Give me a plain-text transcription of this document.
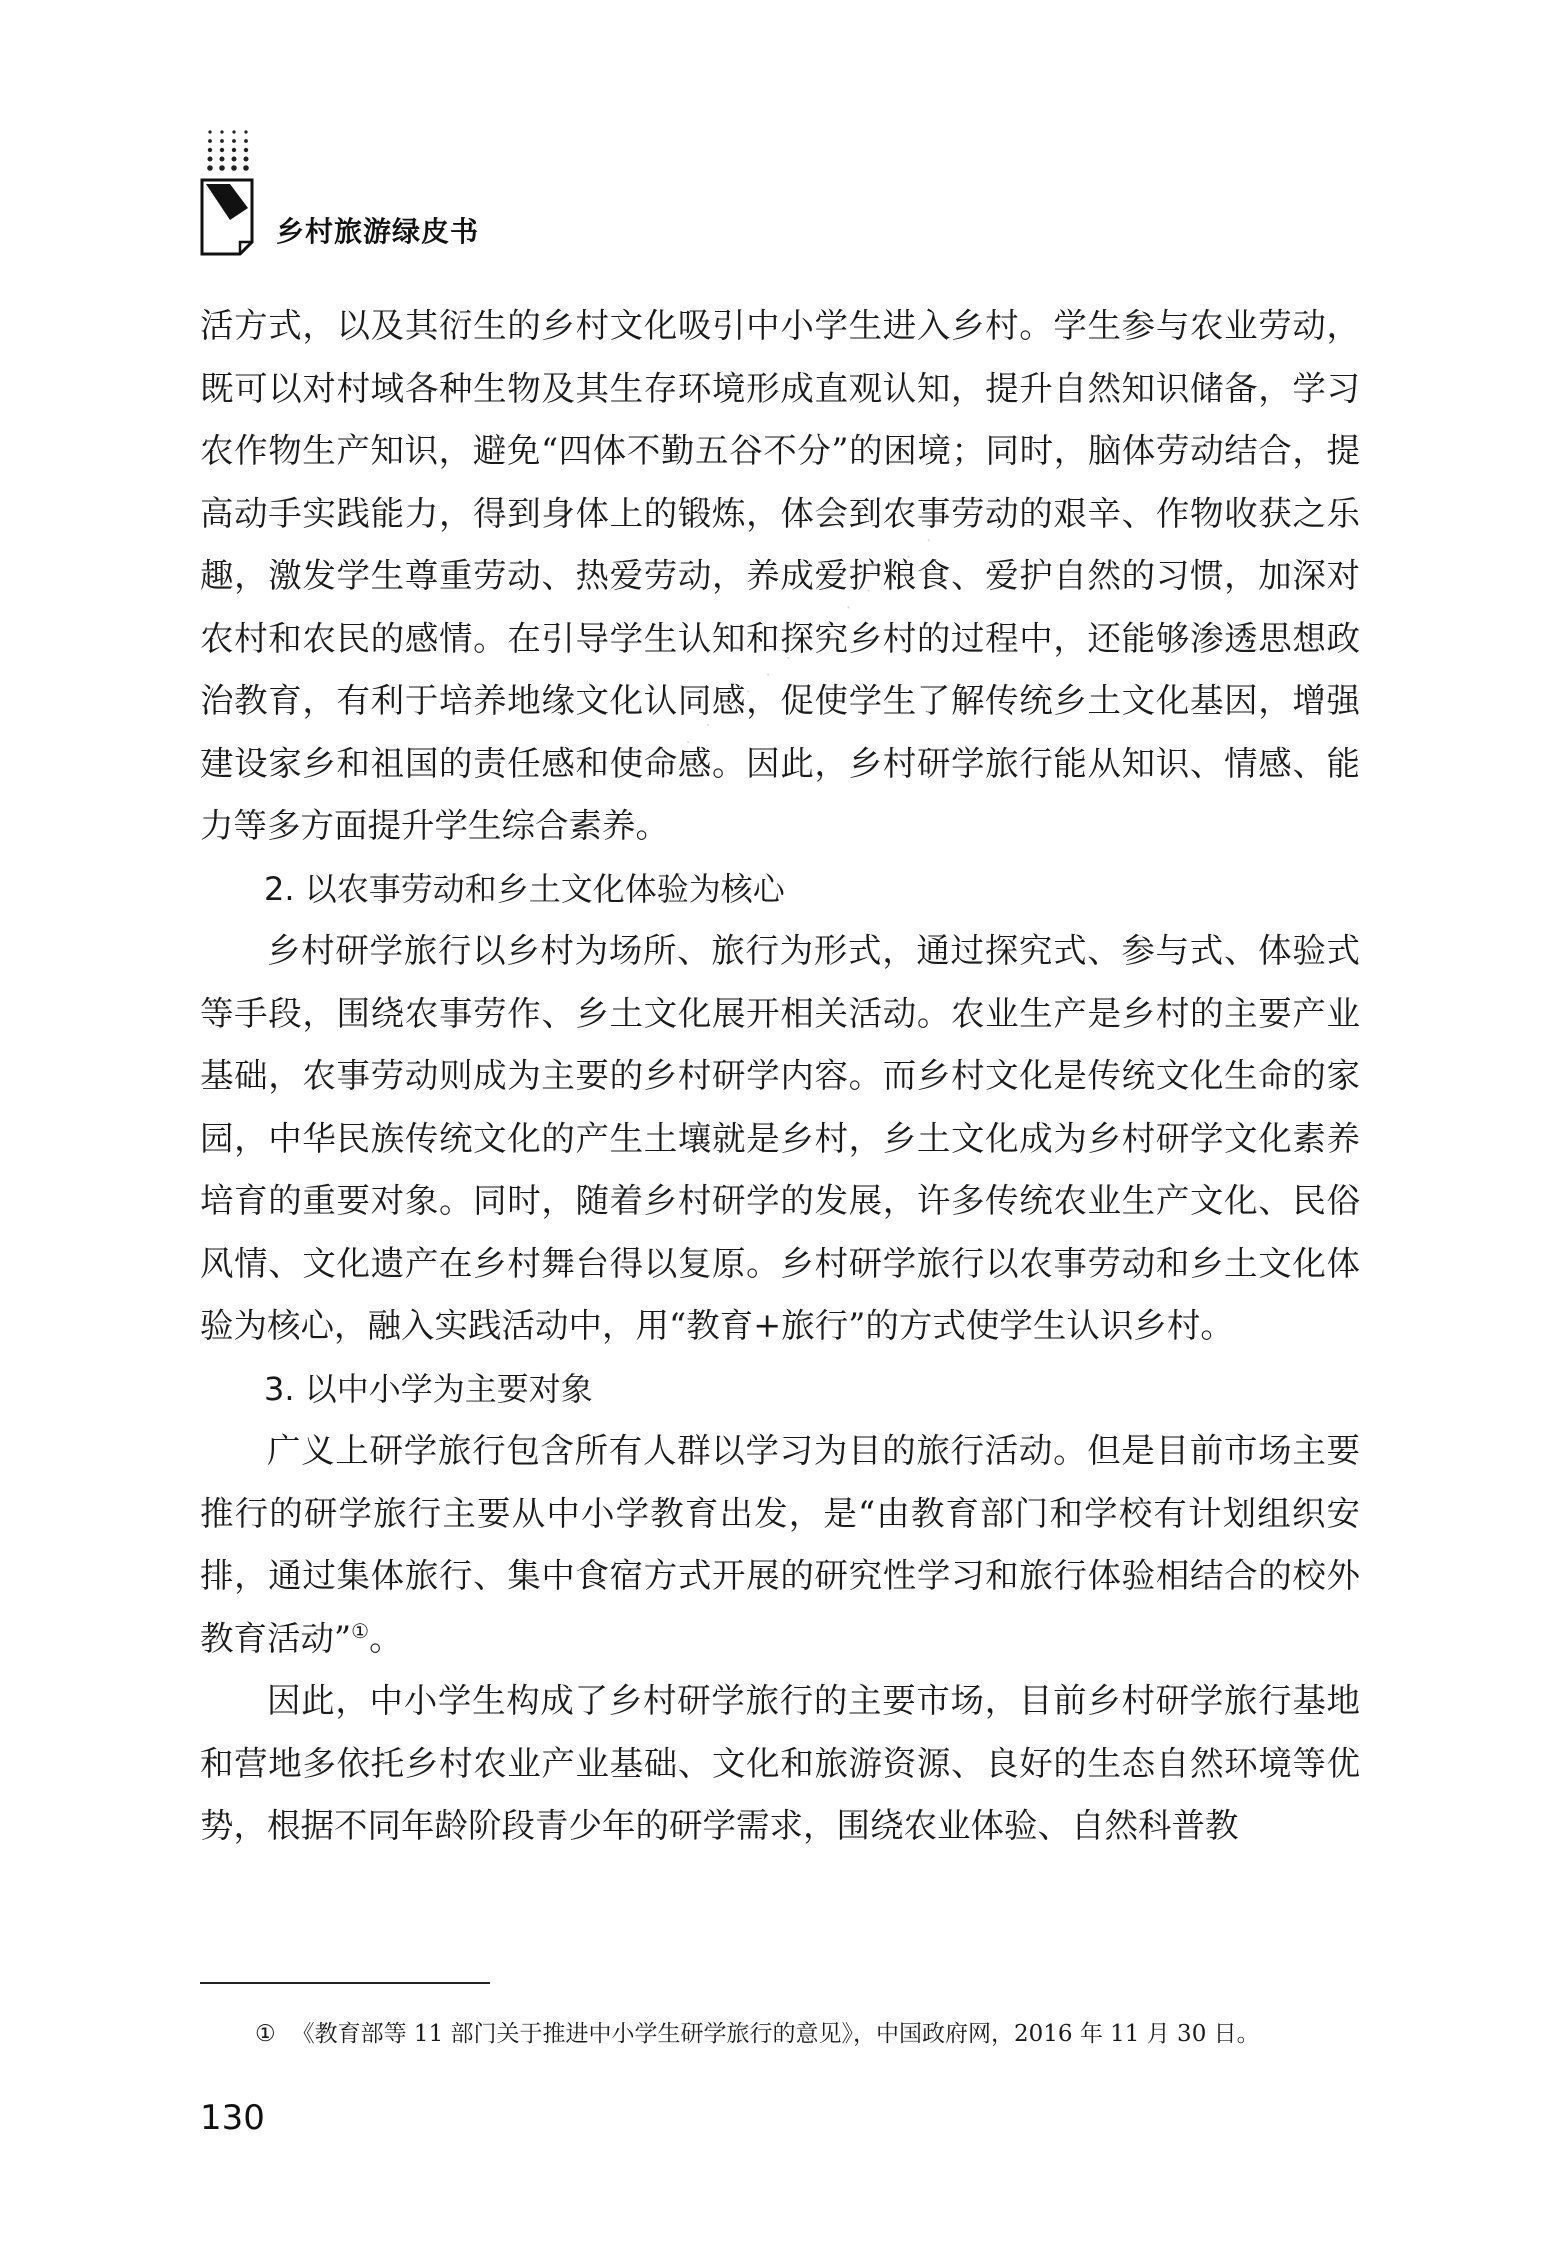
乡村旅游绿皮书
· · · · · · · · · · · · · · ·

活方式，以及其衍生的乡村文化吸引中小学生进入乡村。学生参与农业劳动，既可以对村域各种生物及其生存环境形成直观认知，提升自然知识储备，学习农作物生产知识，避免“四体不勤五谷不分”的困境；同时，脑体劳动结合，提高动手实践能力，得到身体上的锻炼，体会到农事劳动的艰辛、作物收获之乐趣，激发学生尊重劳动、热爱劳动，养成爱护粮食、爱护自然的习惯，加深对农村和农民的感情。在引导学生认知和探究乡村的过程中，还能够渗透思想政治教育，有利于培养地缘文化认同感，促使学生了解传统乡土文化基因，增强建设家乡和祖国的责任感和使命感。因此，乡村研学旅行能从知识、情感、能力等多方面提升学生综合素养。

2. 以农事劳动和乡土文化体验为核心

乡村研学旅行以乡村为场所、旅行为形式，通过探究式、参与式、体验式等手段，围绕农事劳作、乡土文化展开相关活动。农业生产是乡村的主要产业基础，农事劳动则成为主要的乡村研学内容。而乡村文化是传统文化生命的家园，中华民族传统文化的产生土壤就是乡村，乡土文化成为乡村研学文化素养培育的重要对象。同时，随着乡村研学的发展，许多传统农业生产文化、民俗风情、文化遗产在乡村舞台得以复原。乡村研学旅行以农事劳动和乡土文化体验为核心，融入实践活动中，用“教育+旅行”的方式使学生认识乡村。

3. 以中小学为主要对象

广义上研学旅行包含所有人群以学习为目的旅行活动。但是目前市场主要推行的研学旅行主要从中小学教育出发，是“由教育部门和学校有计划组织安排，通过集体旅行、集中食宿方式开展的研究性学习和旅行体验相结合的校外教育活动”①。

因此，中小学生构成了乡村研学旅行的主要市场，目前乡村研学旅行基地和营地多依托乡村农业产业基础、文化和旅游资源、良好的生态自然环境等优势，根据不同年龄阶段青少年的研学需求，围绕农业体验、自然科普教

① 《教育部等 11 部门关于推进中小学生研学旅行的意见》，中国政府网，2016 年 11 月 30 日。
130
